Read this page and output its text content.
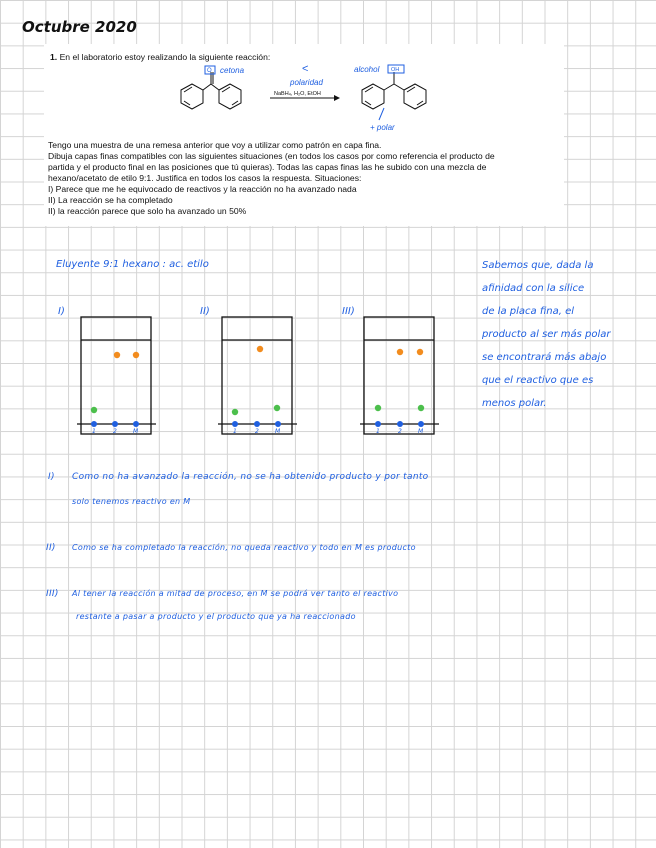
Octubre 2020
1. En el laboratorio estoy realizando la siguiente reacción:
O cetona	<
polaridad
NaBH₄, H₂O, EtOH
alcohol OH
+ polar
Tengo una muestra de una remesa anterior que voy a utilizar como patrón en capa fina.
Dibuja capas finas compatibles con las siguientes situaciones (en todos los casos por como referencia el producto de
partida y el producto final en las posiciones que tú quieras). Todas las capas finas las he subido con una mezcla de
hexano/acetato de etilo 9:1. Justifica en todos los casos la respuesta. Situaciones:
I) Parece que me he equivocado de reactivos y la reacción no ha avanzado nada
II) La reacción se ha completado
II) la reacción parece que solo ha avanzado un 50%
Eluyente 9:1 hexano : ac. etilo
I)	II)	III)
1	2	M	1	2	M	1	2	M
Sabemos que, dada la
afinidad con la silice
de la placa fina, el
producto al ser más polar
se encontrará más abajo
que el reactivo que es
menos polar.
I) Como no ha avanzado la reacción, no se ha obtenido producto y por tanto
solo tenemos reactivo en M
II) Como se ha completado la reacción, no queda reactivo y todo en M es producto
III) Al tener la reacción a mitad de proceso, en M se podrá ver tanto el reactivo
restante a pasar a producto y el producto que ya ha reaccionado
